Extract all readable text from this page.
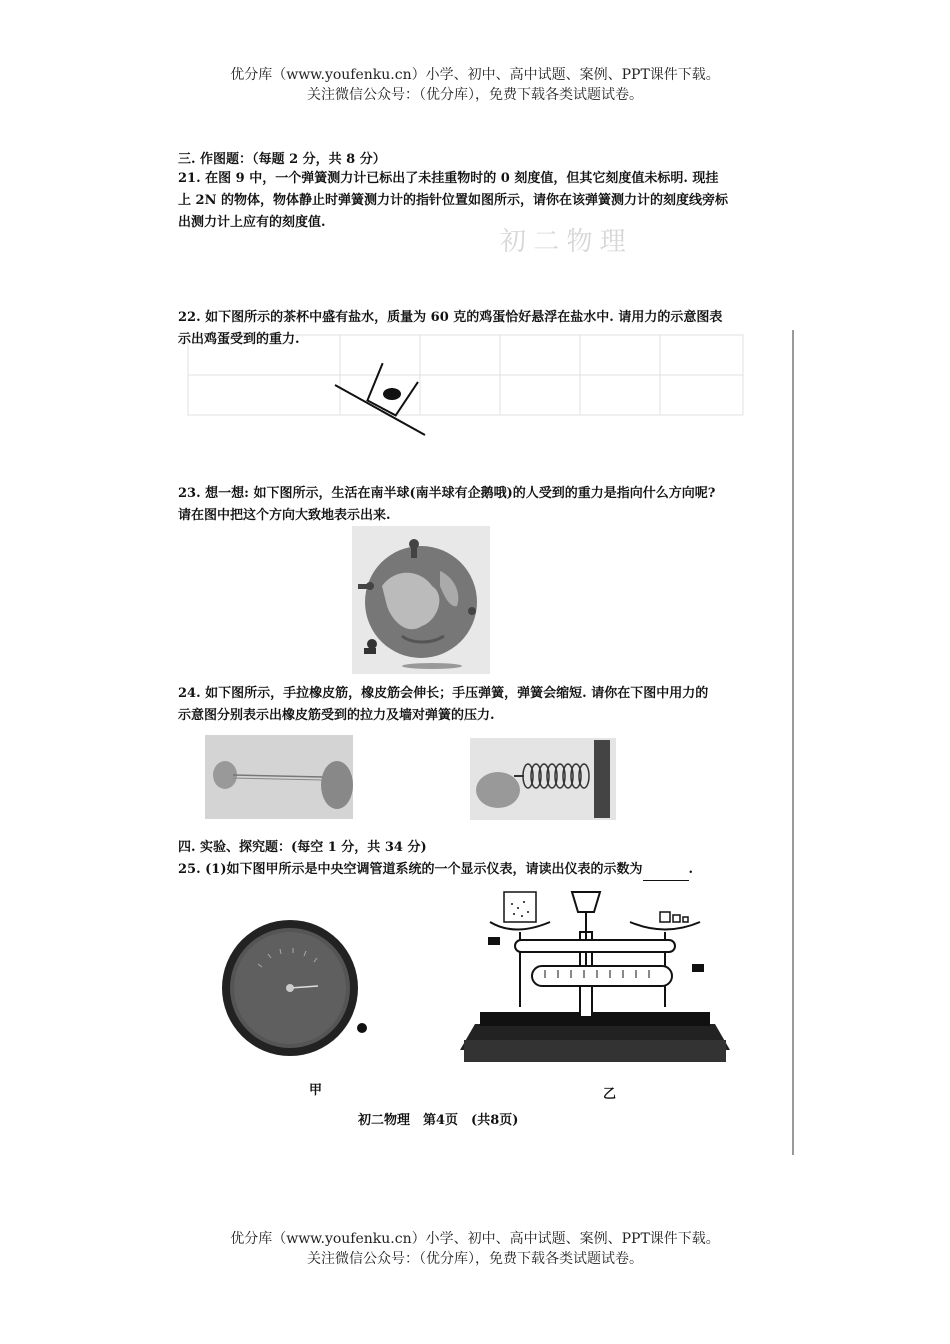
优分库（www.youfenku.cn）小学、初中、高中试题、案例、PPT课件下载。
关注微信公众号：（优分库），免费下载各类试题试卷。
三. 作图题：（每题 2 分，共 8 分）
21. 在图 9 中，一个弹簧测力计已标出了未挂重物时的 0 刻度值，但其它刻度值未标明. 现挂
上 2N 的物体，物体静止时弹簧测力计的指针位置如图所示，请你在该弹簧测力计的刻度线旁标
出测力计上应有的刻度值.
初 二 物 理
22. 如下图所示的茶杯中盛有盐水，质量为 60 克的鸡蛋恰好悬浮在盐水中. 请用力的示意图表
示出鸡蛋受到的重力.
23. 想一想: 如下图所示，生活在南半球(南半球有企鹅哦)的人受到的重力是指向什么方向呢?
请在图中把这个方向大致地表示出来.
24. 如下图所示，手拉橡皮筋，橡皮筋会伸长；手压弹簧，弹簧会缩短. 请你在下图中用力的
示意图分别表示出橡皮筋受到的拉力及墙对弹簧的压力.
四. 实验、探究题：(每空 1 分，共 34 分)
25. (1)如下图甲所示是中央空调管道系统的一个显示仪表，请读出仪表的示数为	.
甲	乙
初二物理　第4页　(共8页)
优分库（www.youfenku.cn）小学、初中、高中试题、案例、PPT课件下载。
关注微信公众号：（优分库），免费下载各类试题试卷。
